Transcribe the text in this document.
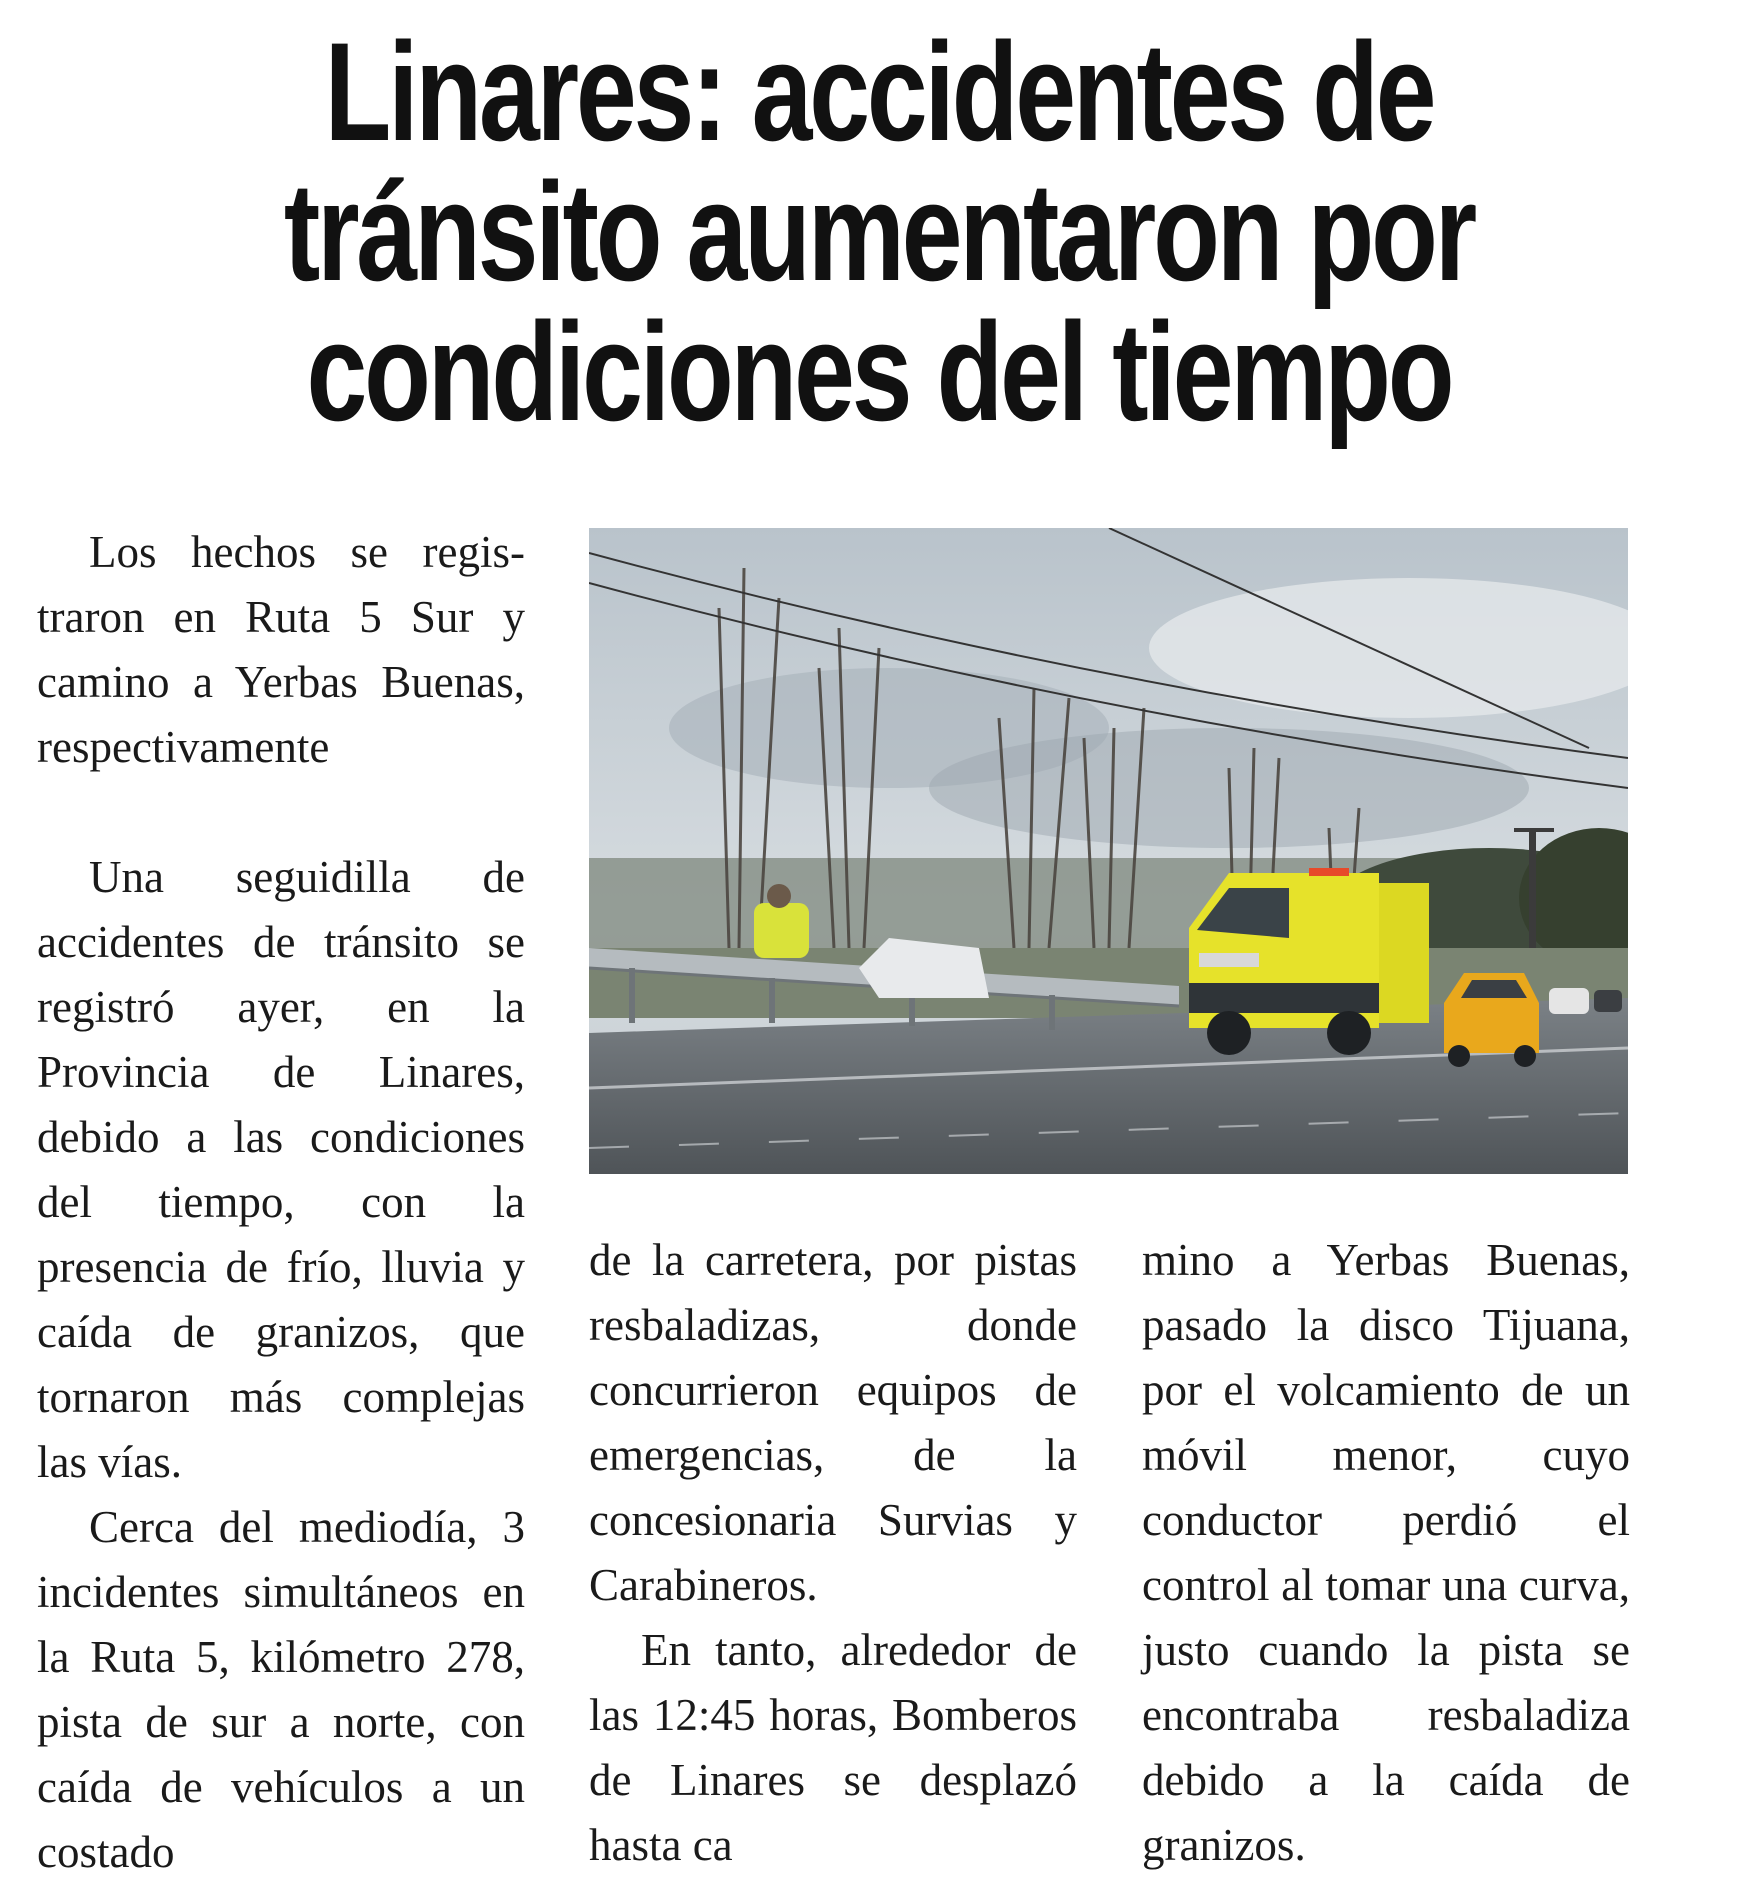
Linares: accidentes de
tránsito aumentaron por
condiciones del tiempo

Los hechos se registraron en Ruta 5 Sur y camino a Yerbas Buenas, respectivamente

Una seguidilla de accidentes de tránsito se registró ayer, en la Provincia de Linares, debido a las condiciones del tiempo, con la presencia de frío, lluvia y caída de granizos, que tornaron más complejas las vías.

Cerca del mediodía, 3 incidentes simultáneos en la Ruta 5, kilómetro 278, pista de sur a norte, con caída de vehículos a un costado

de la carretera, por pistas resbaladizas, donde concurrieron equipos de emergencias, de la concesionaria Survias y Carabineros.

En tanto, alrededor de las 12:45 horas, Bomberos de Linares se desplazó hasta ca

mino a Yerbas Buenas, pasado la disco Tijuana, por el volcamiento de un móvil menor, cuyo conductor perdió el control al tomar una curva, justo cuando la pista se encontraba resbaladiza debido a la caída de granizos.
